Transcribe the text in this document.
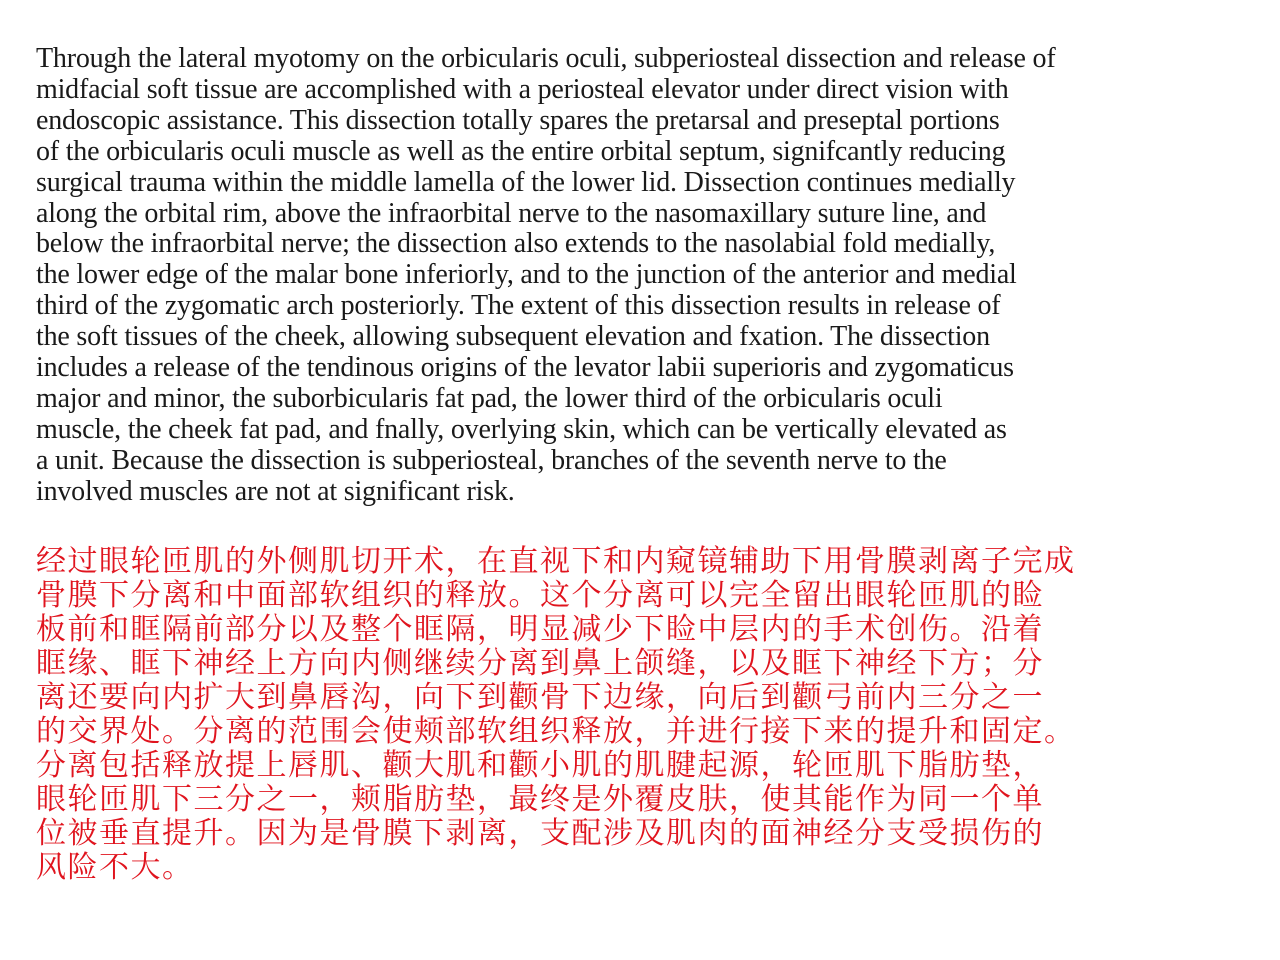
Through the lateral myotomy on the orbicularis oculi, subperiosteal dissection and release of
midfacial soft tissue are accomplished with a periosteal elevator under direct vision with
endoscopic assistance. This dissection totally spares the pretarsal and preseptal portions
of the orbicularis oculi muscle as well as the entire orbital septum, signifcantly reducing
surgical trauma within the middle lamella of the lower lid. Dissection continues medially
along the orbital rim, above the infraorbital nerve to the nasomaxillary suture line, and
below the infraorbital nerve; the dissection also extends to the nasolabial fold medially,
the lower edge of the malar bone inferiorly, and to the junction of the anterior and medial
third of the zygomatic arch posteriorly. The extent of this dissection results in release of
the soft tissues of the cheek, allowing subsequent elevation and fxation. The dissection
includes a release of the tendinous origins of the levator labii superioris and zygomaticus
major and minor, the suborbicularis fat pad, the lower third of the orbicularis oculi
muscle, the cheek fat pad, and fnally, overlying skin, which can be vertically elevated as
a unit. Because the dissection is subperiosteal, branches of the seventh nerve to the
involved muscles are not at significant risk.

经过眼轮匝肌的外侧肌切开术，在直视下和内窥镜辅助下用骨膜剥离子完成
骨膜下分离和中面部软组织的释放。这个分离可以完全留出眼轮匝肌的睑
板前和眶隔前部分以及整个眶隔，明显减少下睑中层内的手术创伤。沿着
眶缘、眶下神经上方向内侧继续分离到鼻上颌缝，以及眶下神经下方；分
离还要向内扩大到鼻唇沟，向下到颧骨下边缘，向后到颧弓前内三分之一
的交界处。分离的范围会使颊部软组织释放，并进行接下来的提升和固定。
分离包括释放提上唇肌、颧大肌和颧小肌的肌腱起源，轮匝肌下脂肪垫，
眼轮匝肌下三分之一，颊脂肪垫，最终是外覆皮肤，使其能作为同一个单
位被垂直提升。因为是骨膜下剥离，支配涉及肌肉的面神经分支受损伤的
风险不大。
